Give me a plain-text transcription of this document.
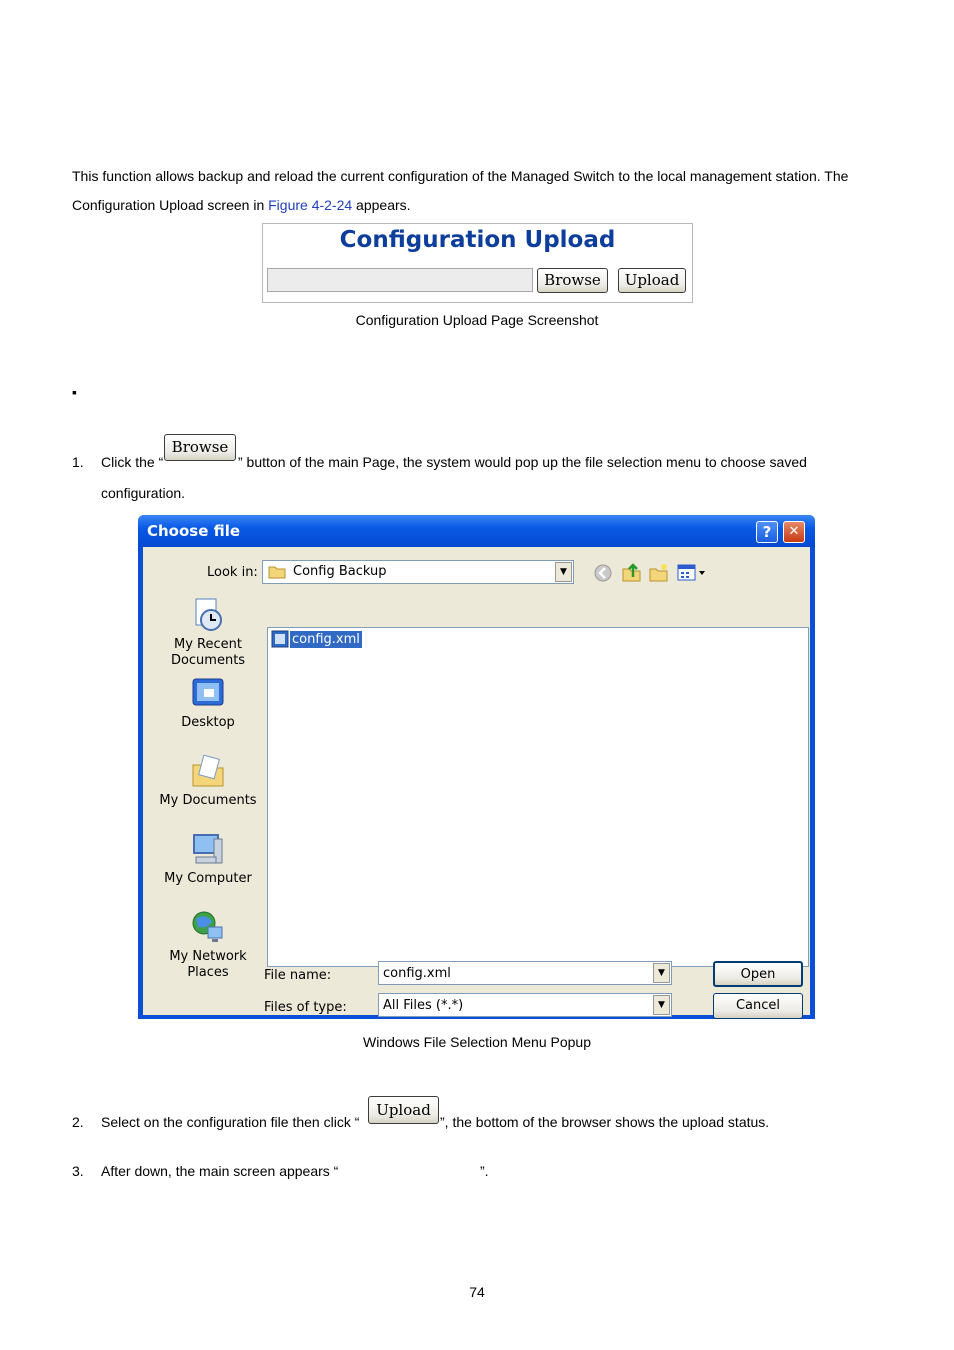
This function allows backup and reload the current configuration of the Managed Switch to the local management station. The
Configuration Upload screen in Figure 4-2-24 appears.
Configuration Upload
Browse	Upload
Configuration Upload Page Screenshot
▪
1. Click the “
Browse
” button of the main Page, the system would pop up the file selection menu to choose saved
configuration.
Choose file	?	✕
Look in:	Config Backup	▼
My Recent
Documents
Desktop
My Documents
My Computer
My Network
Places
config.xml
File name:	config.xml	▼
Files of type:	All Files (*.*)	▼
Open
Cancel
Windows File Selection Menu Popup
2. Select on the configuration file then click “
Upload
”, the bottom of the browser shows the upload status.
3. After down, the main screen appears “	”.
74
